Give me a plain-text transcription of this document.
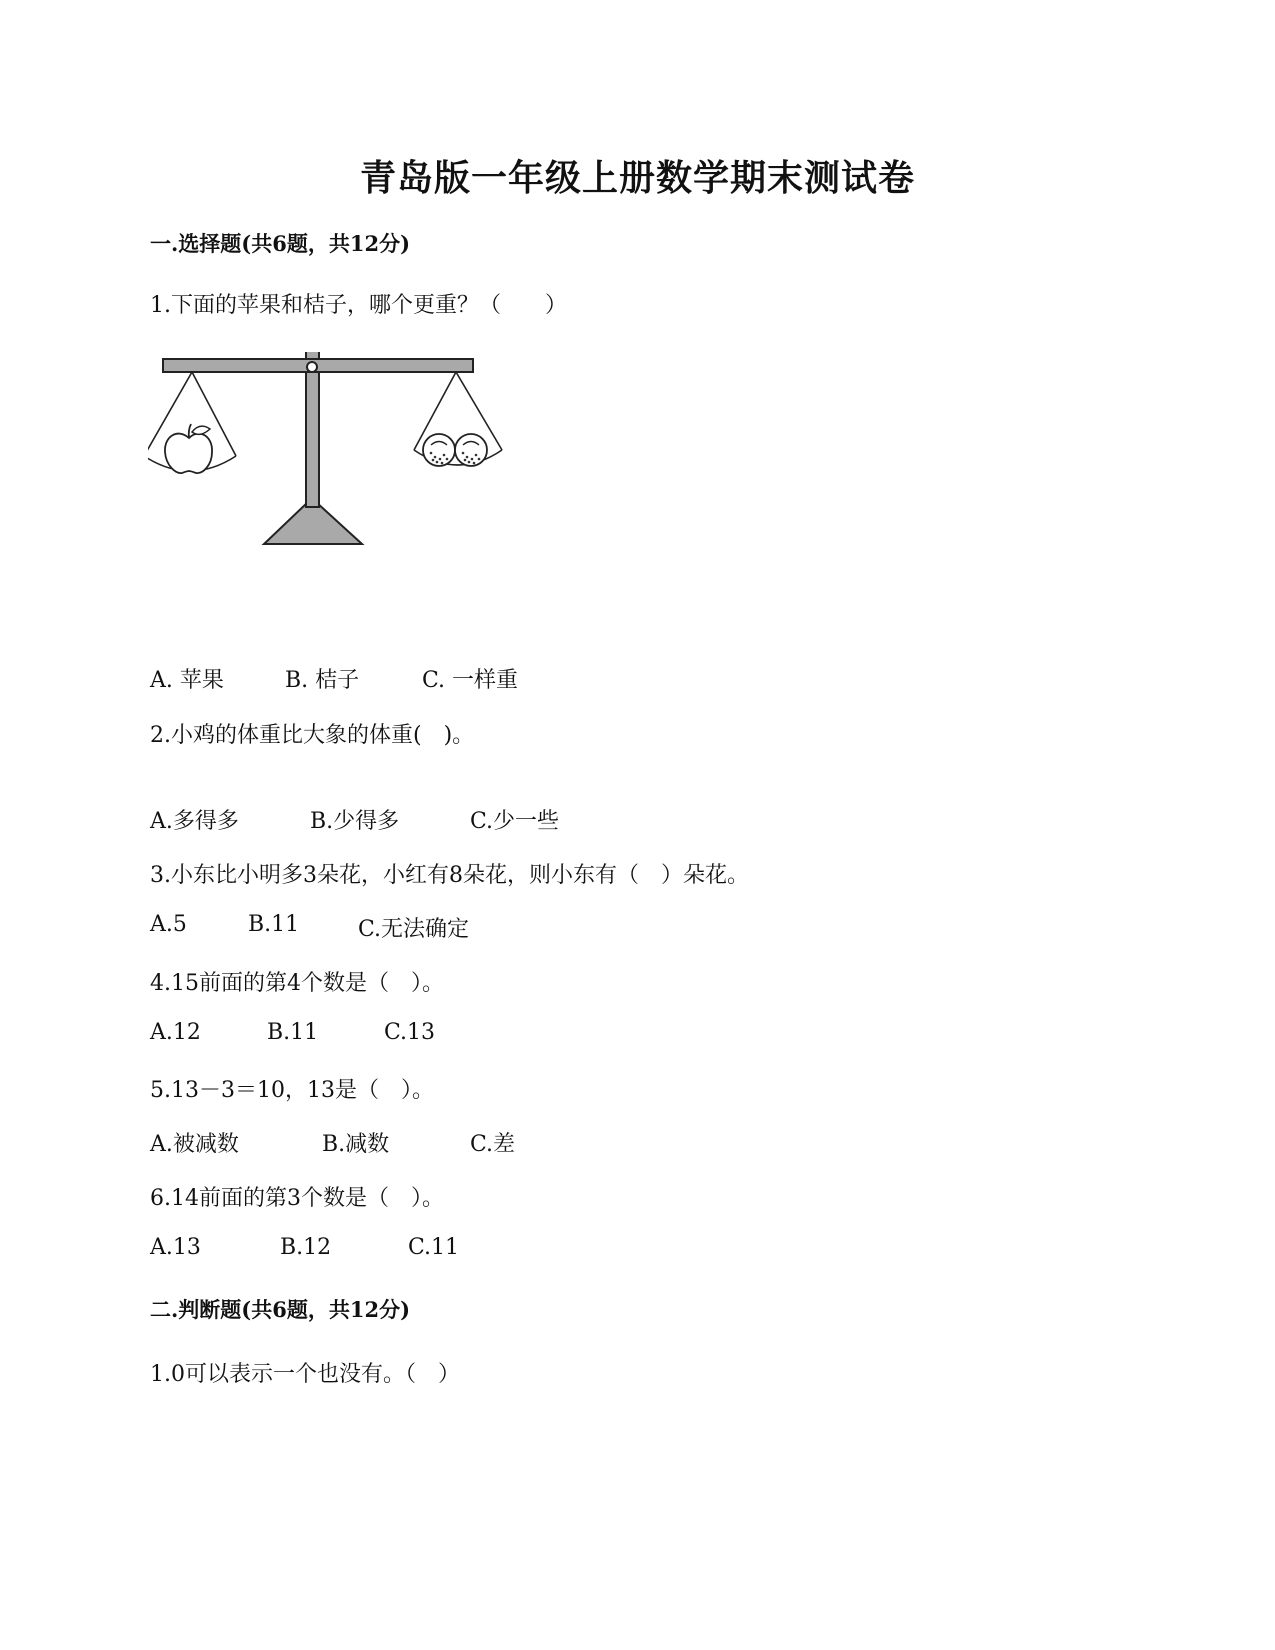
青岛版一年级上册数学期末测试卷
一.选择题(共6题，共12分)
1.下面的苹果和桔子，哪个更重？（　　）
A. 苹果	B. 桔子	C. 一样重
2.小鸡的体重比大象的体重(　)。
A.多得多	B.少得多	C.少一些
3.小东比小明多3朵花，小红有8朵花，则小东有（　）朵花。
A.5	B.11	C.无法确定
4.15前面的第4个数是（　）。
A.12	B.11	C.13
5.13－3＝10，13是（　）。
A.被减数	B.减数	C.差
6.14前面的第3个数是（　）。
A.13	B.12	C.11
二.判断题(共6题，共12分)
1.0可以表示一个也没有。（　）
